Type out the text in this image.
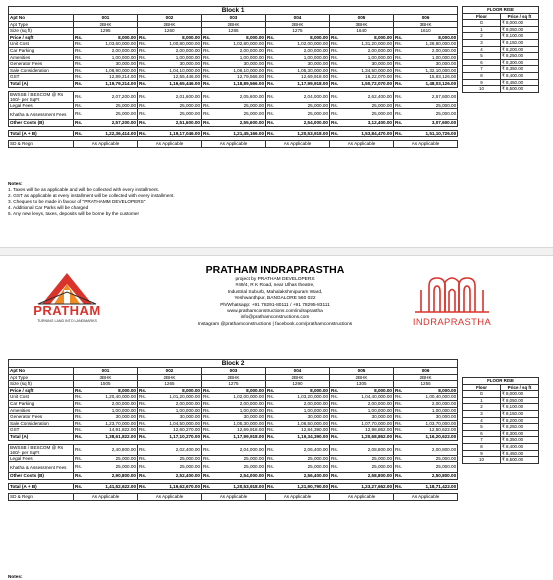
Block 1												
Apt No	001		002		003		004		005		006	
Apt Type	2BHK		2BHK		2BHK		2BHK		3BHK		3BHK	
Size (sq ft)	1295		1260		1285		1275		1640		1610	
Price / sqft	Rs.	8,000.00	Rs.	8,000.00	Rs.	8,000.00	Rs.	8,000.00	Rs.	8,000.00	Rs.	8,000.00
Unit Cost	Rs.	1,03,60,000.00	Rs.	1,00,80,000.00	Rs.	1,02,80,000.00	Rs.	1,02,00,000.00	Rs.	1,31,20,000.00	Rs.	1,28,80,000.00
Car Parking	Rs.	2,00,000.00	Rs.	2,00,000.00	Rs.	2,00,000.00	Rs.	2,00,000.00	Rs.	2,00,000.00	Rs.	2,00,000.00
Amenities	Rs.	1,00,000.00	Rs.	1,00,000.00	Rs.	1,00,000.00	Rs.	1,00,000.00	Rs.	1,00,000.00	Rs.	1,00,000.00
Generator Fees	Rs.	30,000.00	Rs.	30,000.00	Rs.	30,000.00	Rs.	30,000.00	Rs.	30,000.00	Rs.	30,000.00
Sale Consideration	Rs.	1,06,90,000.00	Rs.	1,04,10,000.00	Rs.	1,06,10,000.00	Rs.	1,05,30,000.00	Rs.	1,34,50,000.00	Rs.	1,32,10,000.00
GST	Rs.	12,89,214.00	Rs.	12,55,446.00	Rs.	12,79,566.00	Rs.	12,69,918.00	Rs.	16,22,070.00	Rs.	15,93,126.00
Total (A)	Rs.	1,19,79,214.00	Rs.	1,16,65,446.00	Rs.	1,18,89,566.00	Rs.	1,17,99,918.00	Rs.	1,50,72,070.00	Rs.	1,48,03,126.00

BWSSB / BESCOM @ Rs 160/- per SqFt	Rs.	2,07,200.00	Rs.	2,01,600.00	Rs.	2,05,600.00	Rs.	2,04,000.00	Rs.	2,62,400.00	Rs.	2,57,600.00
Legal Fees	Rs.	25,000.00	Rs.	25,000.00	Rs.	25,000.00	Rs.	25,000.00	Rs.	25,000.00	Rs.	25,000.00
Khatha & Assessment Fees	Rs.	25,000.00	Rs.	25,000.00	Rs.	25,000.00	Rs.	25,000.00	Rs.	25,000.00	Rs.	25,000.00
Other Costs (B)	Rs.	2,57,200.00	Rs.	2,51,600.00	Rs.	2,55,600.00	Rs.	2,54,000.00	Rs.	3,12,400.00	Rs.	3,07,600.00

Total (A + B)	Rs.	1,22,36,414.00	Rs.	1,19,17,046.00	Rs.	1,21,45,166.00	Rs.	1,20,53,918.00	Rs.	1,53,84,470.00	Rs.	1,51,10,726.00

SD & Regn	As Applicable		As Applicable		As Applicable		As Applicable		As Applicable		As Applicable	
FLOOR RISE	
Floor	Price / sq ft
G	₹ 8,000.00
1	₹ 8,050.00
2	₹ 8,100.00
3	₹ 8,150.00
4	₹ 8,200.00
5	₹ 8,250.00
6	₹ 8,300.00
7	₹ 8,350.00
8	₹ 8,400.00
9	₹ 8,450.00
10	₹ 8,500.00
Notes:
1. Taxes will be as applicable and will be collected with every installment.
2. GST as applicable at every installment will be collected with every installment.
3. Cheques to be made in favour of "PRATHAMM DEVELOPERS"
4. Additional Car Parks will be charged
5. Any new levys, taxes, deposits will be borne by the customer
PRATHAM
TURNING LAND INTO LANDMARKS
PRATHAM INDRAPRASTHA
project by PRATHAM DEVELOPERS
#49/4, R K Road, near Ulhas theatre,
Industrial Suburb, Mahalakshmipuram Ward,
Yeshwanthpur, BANGALORE 560 022
Ph/Whatsapp: +91 78291-80111 / +91 78295-83111
www.prathamconstructions.com/indraprastha
info@prathamconstructions.com
Instagram @prathamconstructions | facebook.com/prathamconstructions	INDRAPRASTHA
Block 2												
Apt No	001		002		003		004		005		006	
Apt Type	3BHK		2BHK		2BHK		2BHK		2BHK		2BHK	
Size (sq ft)	1505		1265		1275		1290		1305		1255	
Price / sqft	Rs.	8,000.00	Rs.	8,000.00	Rs.	8,000.00	Rs.	8,000.00	Rs.	8,000.00	Rs.	8,000.00
Unit Cost	Rs.	1,20,40,000.00	Rs.	1,01,20,000.00	Rs.	1,02,00,000.00	Rs.	1,03,20,000.00	Rs.	1,04,40,000.00	Rs.	1,00,40,000.00
Car Parking	Rs.	2,00,000.00	Rs.	2,00,000.00	Rs.	2,00,000.00	Rs.	2,00,000.00	Rs.	2,00,000.00	Rs.	2,00,000.00
Amenities	Rs.	1,00,000.00	Rs.	1,00,000.00	Rs.	1,00,000.00	Rs.	1,00,000.00	Rs.	1,00,000.00	Rs.	1,00,000.00
Generator Fees	Rs.	30,000.00	Rs.	30,000.00	Rs.	30,000.00	Rs.	30,000.00	Rs.	30,000.00	Rs.	30,000.00
Sale Consideration	Rs.	1,23,70,000.00	Rs.	1,04,50,000.00	Rs.	1,05,30,000.00	Rs.	1,06,50,000.00	Rs.	1,07,70,000.00	Rs.	1,03,70,000.00
GST	Rs.	14,91,822.00	Rs.	12,60,270.00	Rs.	12,69,918.00	Rs.	12,84,390.00	Rs.	12,98,862.00	Rs.	12,50,622.00
Total (A)	Rs.	1,38,61,822.00	Rs.	1,17,10,270.00	Rs.	1,17,99,918.00	Rs.	1,19,34,390.00	Rs.	1,20,68,862.00	Rs.	1,16,20,622.00

BWSSB / BESCOM @ Rs 160/- per SqFt	Rs.	2,40,800.00	Rs.	2,02,400.00	Rs.	2,04,000.00	Rs.	2,06,400.00	Rs.	2,08,800.00	Rs.	2,00,800.00
Legal Fees	Rs.	25,000.00	Rs.	25,000.00	Rs.	25,000.00	Rs.	25,000.00	Rs.	25,000.00	Rs.	25,000.00
Khatha & Assessment Fees	Rs.	25,000.00	Rs.	25,000.00	Rs.	25,000.00	Rs.	25,000.00	Rs.	25,000.00	Rs.	25,000.00
Other Costs (B)	Rs.	2,90,800.00	Rs.	2,52,400.00	Rs.	2,54,000.00	Rs.	2,56,400.00	Rs.	2,58,800.00	Rs.	2,50,800.00

Total (A + B)	Rs.	1,41,52,622.00	Rs.	1,19,62,670.00	Rs.	1,20,53,918.00	Rs.	1,21,90,790.00	Rs.	1,23,27,662.00	Rs.	1,18,71,422.00

SD & Regn	As Applicable		As Applicable		As Applicable		As Applicable		As Applicable		As Applicable	
FLOOR RISE	
Floor	Price / sq ft
G	₹ 8,000.00
1	₹ 8,050.00
2	₹ 8,100.00
3	₹ 8,150.00
4	₹ 8,200.00
5	₹ 8,250.00
6	₹ 8,300.00
7	₹ 8,350.00
8	₹ 8,400.00
9	₹ 8,450.00
10	₹ 8,500.00
Notes:
